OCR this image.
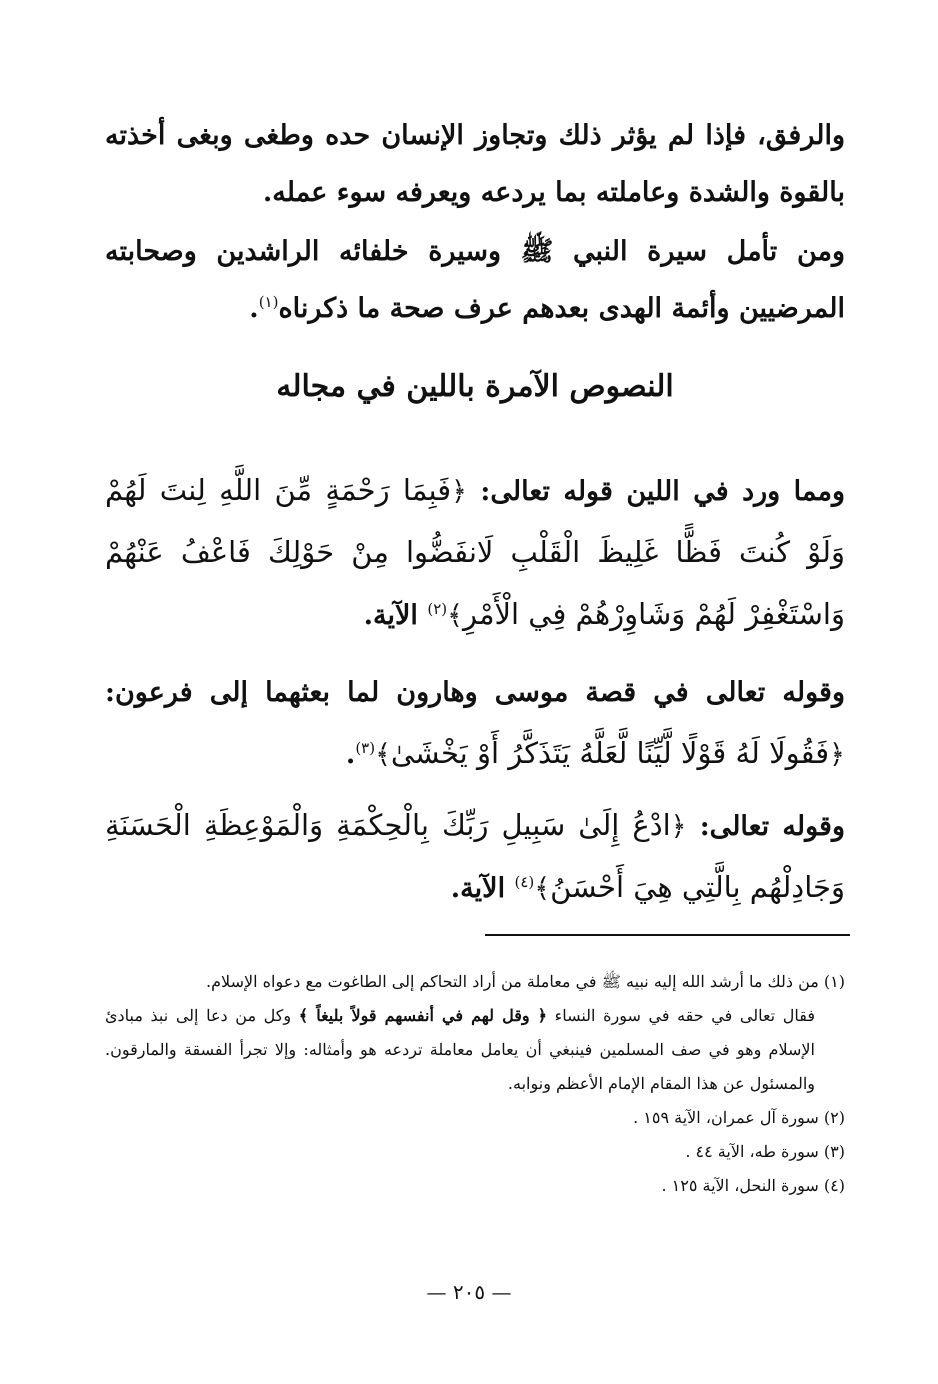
والرفق، فإذا لم يؤثر ذلك وتجاوز الإنسان حده وطغى وبغى أخذته بالقوة والشدة وعاملته بما يردعه ويعرفه سوء عمله.

ومن تأمل سيرة النبي ﷺ وسيرة خلفائه الراشدين وصحابته المرضيين وأئمة الهدى بعدهم عرف صحة ما ذكرناه$^{(١)}$.

النصوص الآمرة باللين في مجاله

ومما ورد في اللين قوله تعالى: ﴿فَبِمَا رَحْمَةٍ مِّنَ اللَّهِ لِنتَ لَهُمْ وَلَوْ كُنتَ فَظًّا غَلِيظَ الْقَلْبِ لَانفَضُّوا مِنْ حَوْلِكَ فَاعْفُ عَنْهُمْ وَاسْتَغْفِرْ لَهُمْ وَشَاوِرْهُمْ فِي الْأَمْرِ﴾$^{(٢)}$ الآية.

وقوله تعالى في قصة موسى وهارون لما بعثهما إلى فرعون: ﴿فَقُولَا لَهُ قَوْلًا لَّيِّنًا لَّعَلَّهُ يَتَذَكَّرُ أَوْ يَخْشَىٰ﴾$^{(٣)}$.

وقوله تعالى: ﴿ادْعُ إِلَىٰ سَبِيلِ رَبِّكَ بِالْحِكْمَةِ وَالْمَوْعِظَةِ الْحَسَنَةِ وَجَادِلْهُم بِالَّتِي هِيَ أَحْسَنُ﴾$^{(٤)}$ الآية.

(١) من ذلك ما أرشد الله إليه نبيه ﷺ في معاملة من أراد التحاكم إلى الطاغوت مع دعواه الإسلام.
فقال تعالى في حقه في سورة النساء ﴿ وقل لهم في أنفسهم قولاً بليغاً ﴾ وكل من دعا إلى نبذ مبادئ الإسلام وهو في صف المسلمين فينبغي أن يعامل معاملة تردعه هو وأمثاله: وإلا تجرأ الفسقة والمارقون. والمسئول عن هذا المقام الإمام الأعظم ونوابه.
(٢) سورة آل عمران، الآية ١٥٩ .
(٣) سورة طه، الآية ٤٤ .
(٤) سورة النحل، الآية ١٢٥ .
— ٢٠٥ —
